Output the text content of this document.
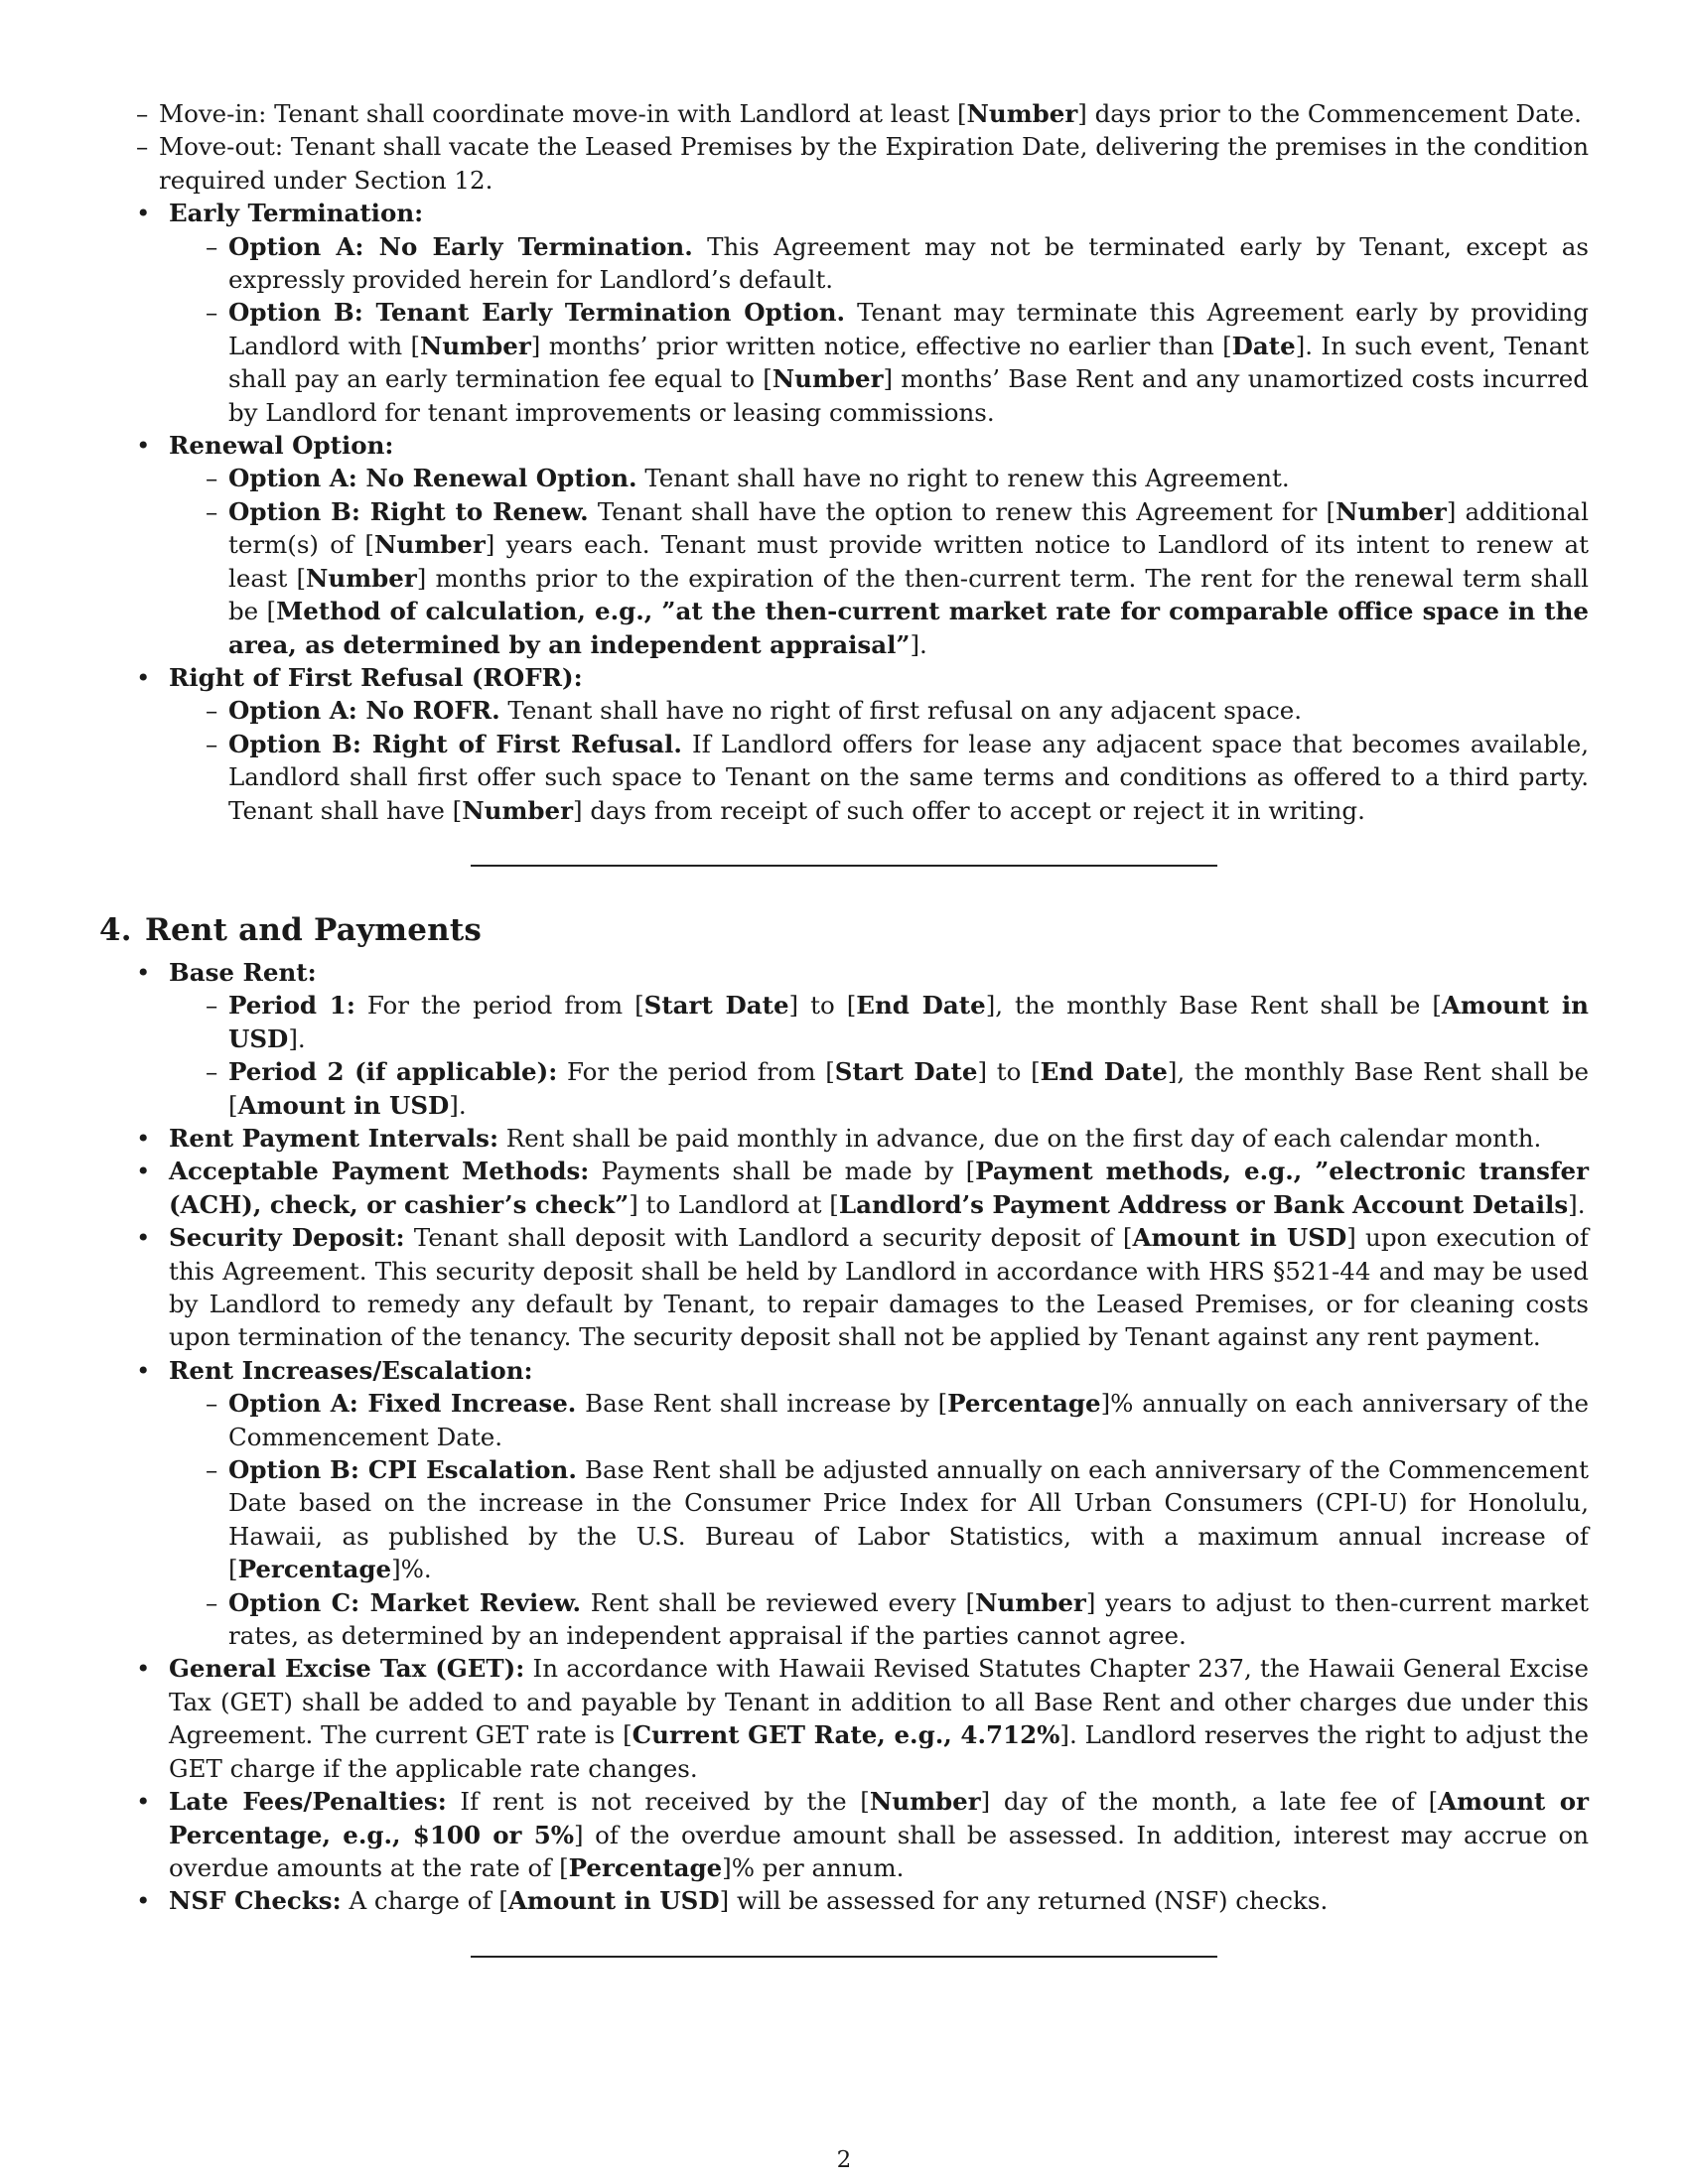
– Move-in: Tenant shall coordinate move-in with Landlord at least [Number] days prior to the Commencement Date.
– Move-out: Tenant shall vacate the Leased Premises by the Expiration Date, delivering the premises in the condition required under Section 12.
• Early Termination:
– Option A: No Early Termination. This Agreement may not be terminated early by Tenant, except as expressly provided herein for Landlord’s default.
– Option B: Tenant Early Termination Option. Tenant may terminate this Agreement early by providing Landlord with [Number] months’ prior written notice, effective no earlier than [Date]. In such event, Tenant shall pay an early termination fee equal to [Number] months’ Base Rent and any unamortized costs incurred by Landlord for tenant improvements or leasing commissions.
• Renewal Option:
– Option A: No Renewal Option. Tenant shall have no right to renew this Agreement.
– Option B: Right to Renew. Tenant shall have the option to renew this Agreement for [Number] additional term(s) of [Number] years each. Tenant must provide written notice to Landlord of its intent to renew at least [Number] months prior to the expiration of the then-current term. The rent for the renewal term shall be [Method of calculation, e.g., ”at the then-current market rate for comparable office space in the area, as determined by an independent appraisal”].
• Right of First Refusal (ROFR):
– Option A: No ROFR. Tenant shall have no right of first refusal on any adjacent space.
– Option B: Right of First Refusal. If Landlord offers for lease any adjacent space that becomes available, Landlord shall first offer such space to Tenant on the same terms and conditions as offered to a third party. Tenant shall have [Number] days from receipt of such offer to accept or reject it in writing.
4. Rent and Payments
• Base Rent:
– Period 1: For the period from [Start Date] to [End Date], the monthly Base Rent shall be [Amount in USD].
– Period 2 (if applicable): For the period from [Start Date] to [End Date], the monthly Base Rent shall be [Amount in USD].
• Rent Payment Intervals: Rent shall be paid monthly in advance, due on the first day of each calendar month.
• Acceptable Payment Methods: Payments shall be made by [Payment methods, e.g., ”electronic transfer (ACH), check, or cashier’s check”] to Landlord at [Landlord’s Payment Address or Bank Account Details].
• Security Deposit: Tenant shall deposit with Landlord a security deposit of [Amount in USD] upon execution of this Agreement. This security deposit shall be held by Landlord in accordance with HRS §521-44 and may be used by Landlord to remedy any default by Tenant, to repair damages to the Leased Premises, or for cleaning costs upon termination of the tenancy. The security deposit shall not be applied by Tenant against any rent payment.
• Rent Increases/Escalation:
– Option A: Fixed Increase. Base Rent shall increase by [Percentage]% annually on each anniversary of the Commencement Date.
– Option B: CPI Escalation. Base Rent shall be adjusted annually on each anniversary of the Commencement Date based on the increase in the Consumer Price Index for All Urban Consumers (CPI-U) for Honolulu, Hawaii, as published by the U.S. Bureau of Labor Statistics, with a maximum annual increase of [Percentage]%.
– Option C: Market Review. Rent shall be reviewed every [Number] years to adjust to then-current market rates, as determined by an independent appraisal if the parties cannot agree.
• General Excise Tax (GET): In accordance with Hawaii Revised Statutes Chapter 237, the Hawaii General Excise Tax (GET) shall be added to and payable by Tenant in addition to all Base Rent and other charges due under this Agreement. The current GET rate is [Current GET Rate, e.g., 4.712%]. Landlord reserves the right to adjust the GET charge if the applicable rate changes.
• Late Fees/Penalties: If rent is not received by the [Number] day of the month, a late fee of [Amount or Percentage, e.g., $100 or 5%] of the overdue amount shall be assessed. In addition, interest may accrue on overdue amounts at the rate of [Percentage]% per annum.
• NSF Checks: A charge of [Amount in USD] will be assessed for any returned (NSF) checks.
2
